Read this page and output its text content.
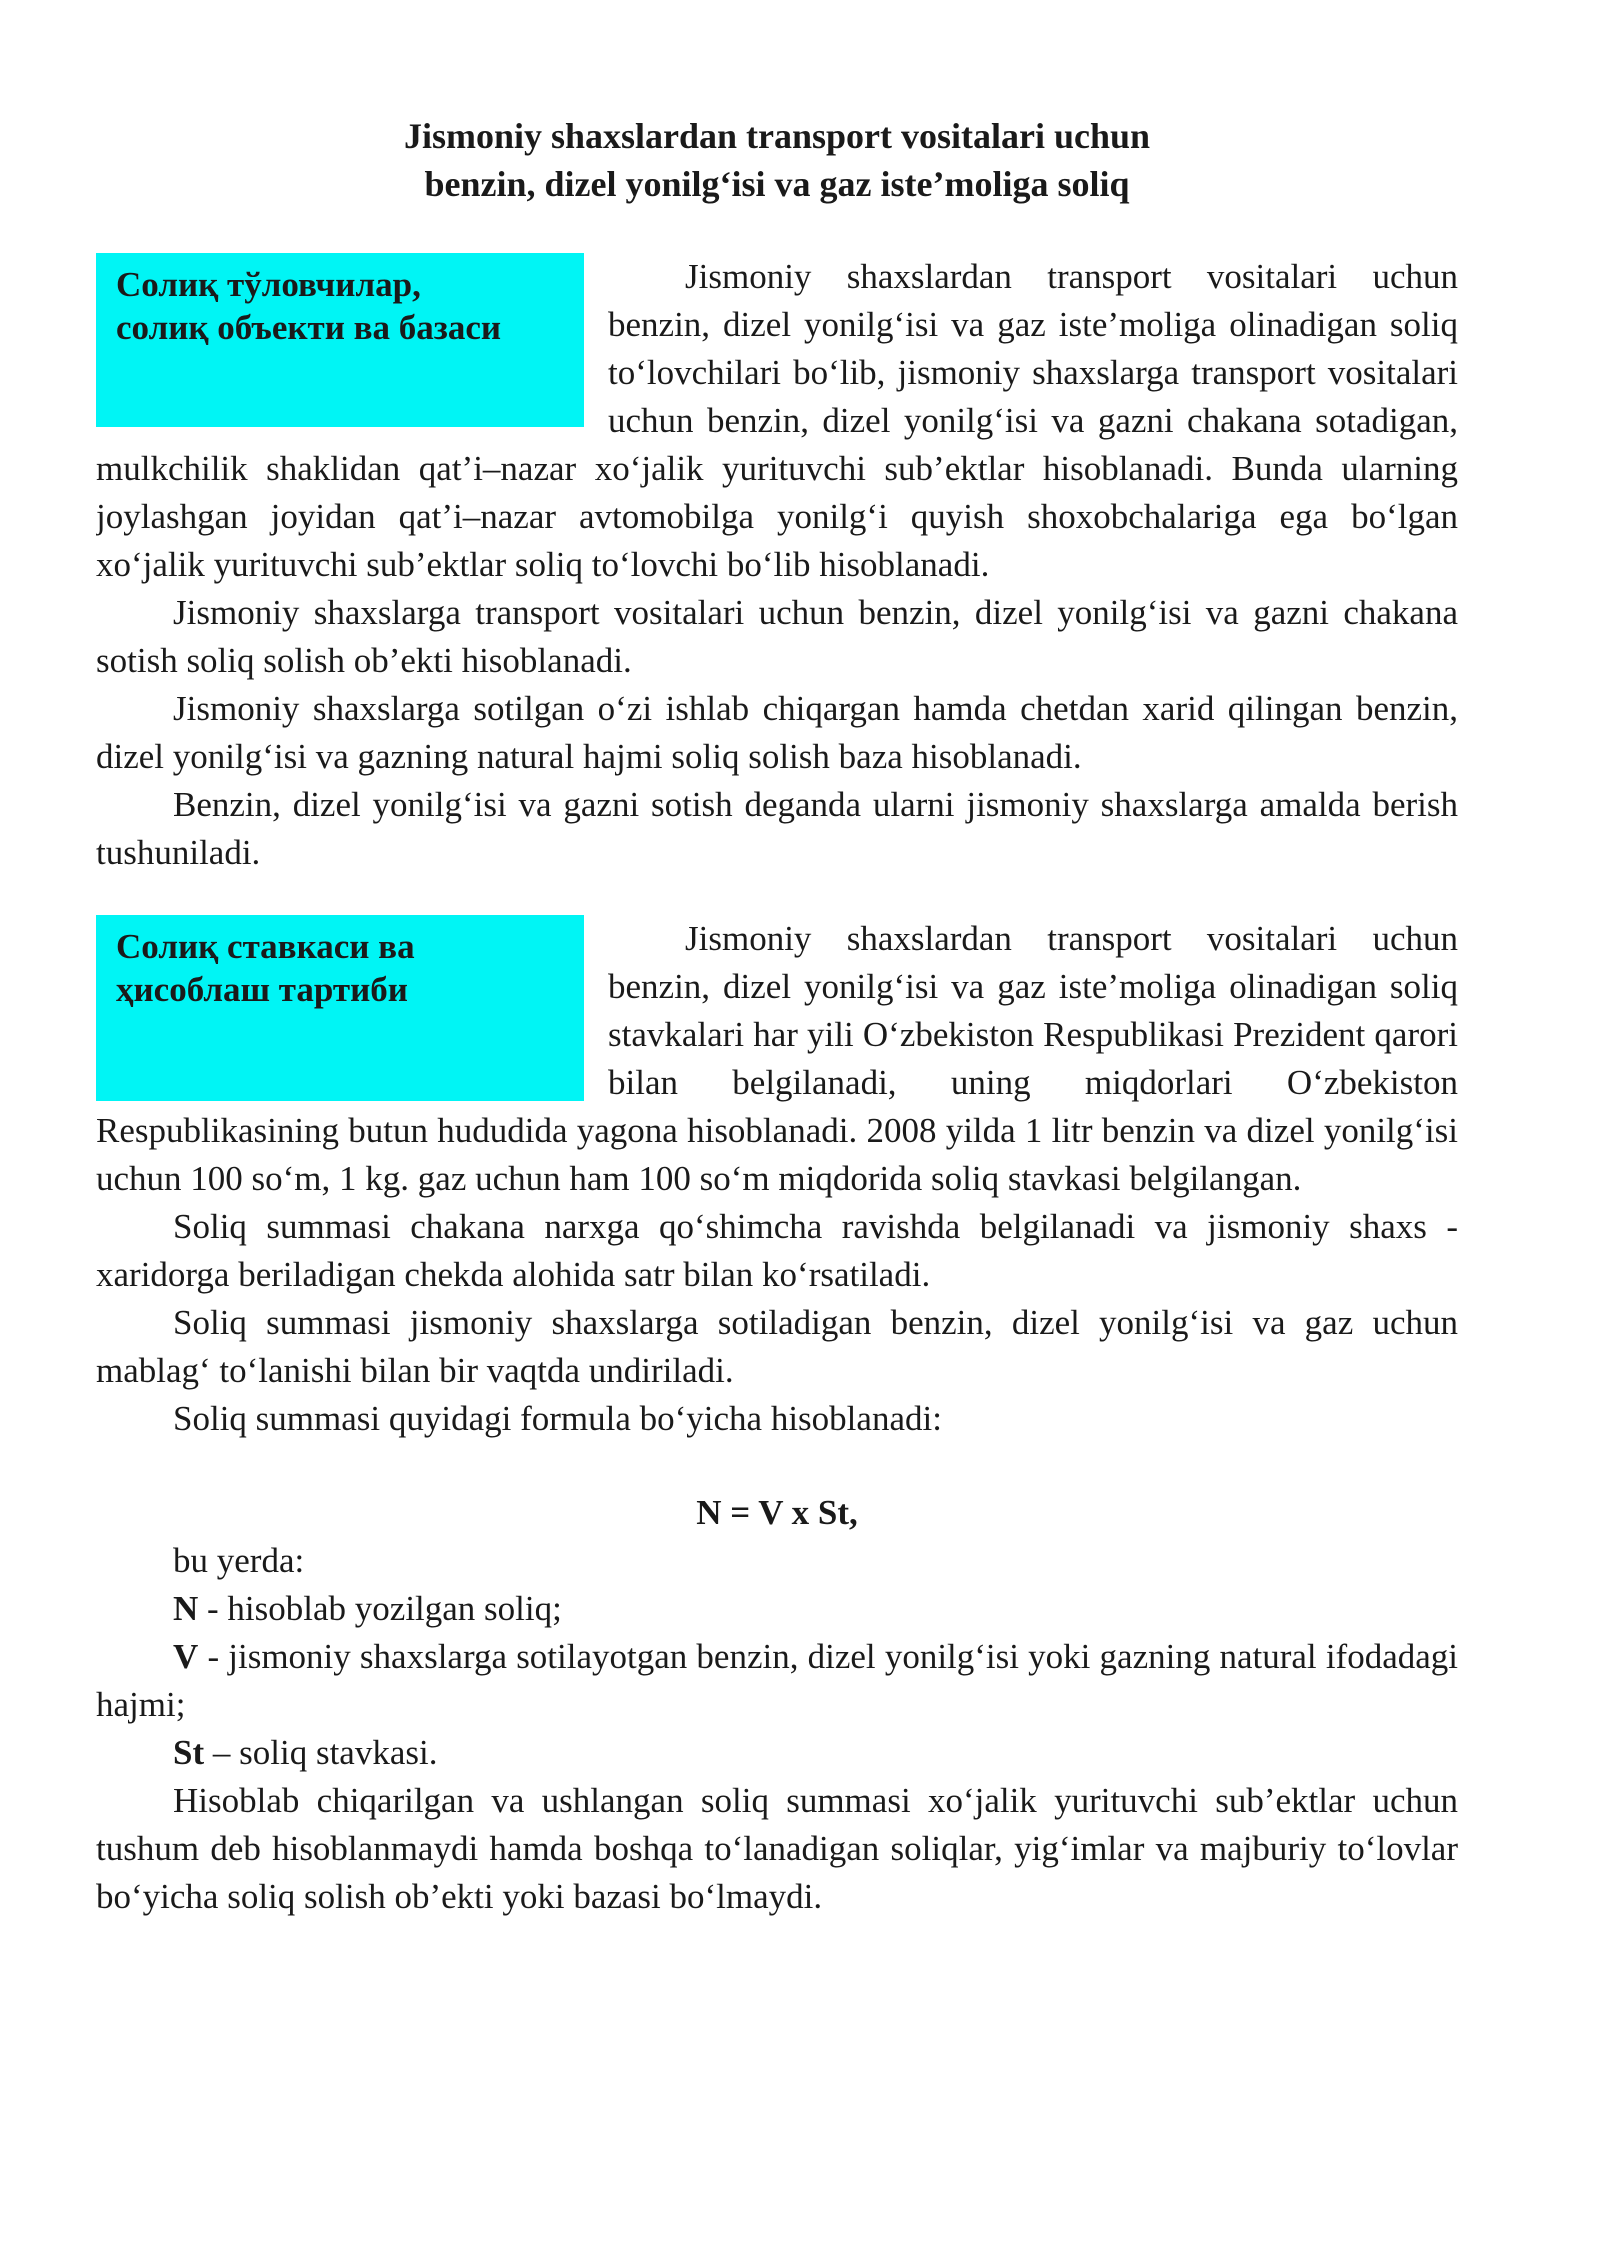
Jismoniy shaxslardan transport vositalari uchun
benzin, dizel yonilg‘isi va gaz iste’moliga soliq
Солиқ тўловчилар,
солиқ объекти ва базаси

Jismoniy shaxslardan transport vositalari uchun benzin, dizel yonilg‘isi va gaz iste’moliga olinadigan soliq to‘lovchilari bo‘lib, jismoniy shaxslarga transport vositalari uchun benzin, dizel yonilg‘isi va gazni chakana sotadigan, mulkchilik shaklidan qat’i–nazar xo‘jalik yurituvchi sub’ektlar hisoblanadi. Bunda ularning joylashgan joyidan qat’i–nazar avtomobilga yonilg‘i quyish shoxobchalariga ega bo‘lgan xo‘jalik yurituvchi sub’ektlar soliq to‘lovchi bo‘lib hisoblanadi.

Jismoniy shaxslarga transport vositalari uchun benzin, dizel yonilg‘isi va gazni chakana sotish soliq solish ob’ekti hisoblanadi.

Jismoniy shaxslarga sotilgan o‘zi ishlab chiqargan hamda chetdan xarid qilingan benzin, dizel yonilg‘isi va gazning natural hajmi soliq solish baza hisoblanadi.

Benzin, dizel yonilg‘isi va gazni sotish deganda ularni jismoniy shaxslarga amalda berish tushuniladi.

Солиқ ставкаси ва
ҳисоблаш тартиби

Jismoniy shaxslardan transport vositalari uchun benzin, dizel yonilg‘isi va gaz iste’moliga olinadigan soliq stavkalari har yili O‘zbekiston Respublikasi Prezident qarori bilan belgilanadi, uning miqdorlari O‘zbekiston Respublikasining butun hududida yagona hisoblanadi. 2008 yilda 1 litr benzin va dizel yonilg‘isi uchun 100 so‘m, 1 kg. gaz uchun ham 100 so‘m miqdorida soliq stavkasi belgilangan.

Soliq summasi chakana narxga qo‘shimcha ravishda belgilanadi va jismoniy shaxs - xaridorga beriladigan chekda alohida satr bilan ko‘rsatiladi.

Soliq summasi jismoniy shaxslarga sotiladigan benzin, dizel yonilg‘isi va gaz uchun mablag‘ to‘lanishi bilan bir vaqtda undiriladi.

Soliq summasi quyidagi formula bo‘yicha hisoblanadi:

N = V x St,

bu yerda:

N - hisoblab yozilgan soliq;

V - jismoniy shaxslarga sotilayotgan benzin, dizel yonilg‘isi yoki gazning natural ifodadagi hajmi;

St – soliq stavkasi.

Hisoblab chiqarilgan va ushlangan soliq summasi xo‘jalik yurituvchi sub’ektlar uchun tushum deb hisoblanmaydi hamda boshqa to‘lanadigan soliqlar, yig‘imlar va majburiy to‘lovlar bo‘yicha soliq solish ob’ekti yoki bazasi bo‘lmaydi.
